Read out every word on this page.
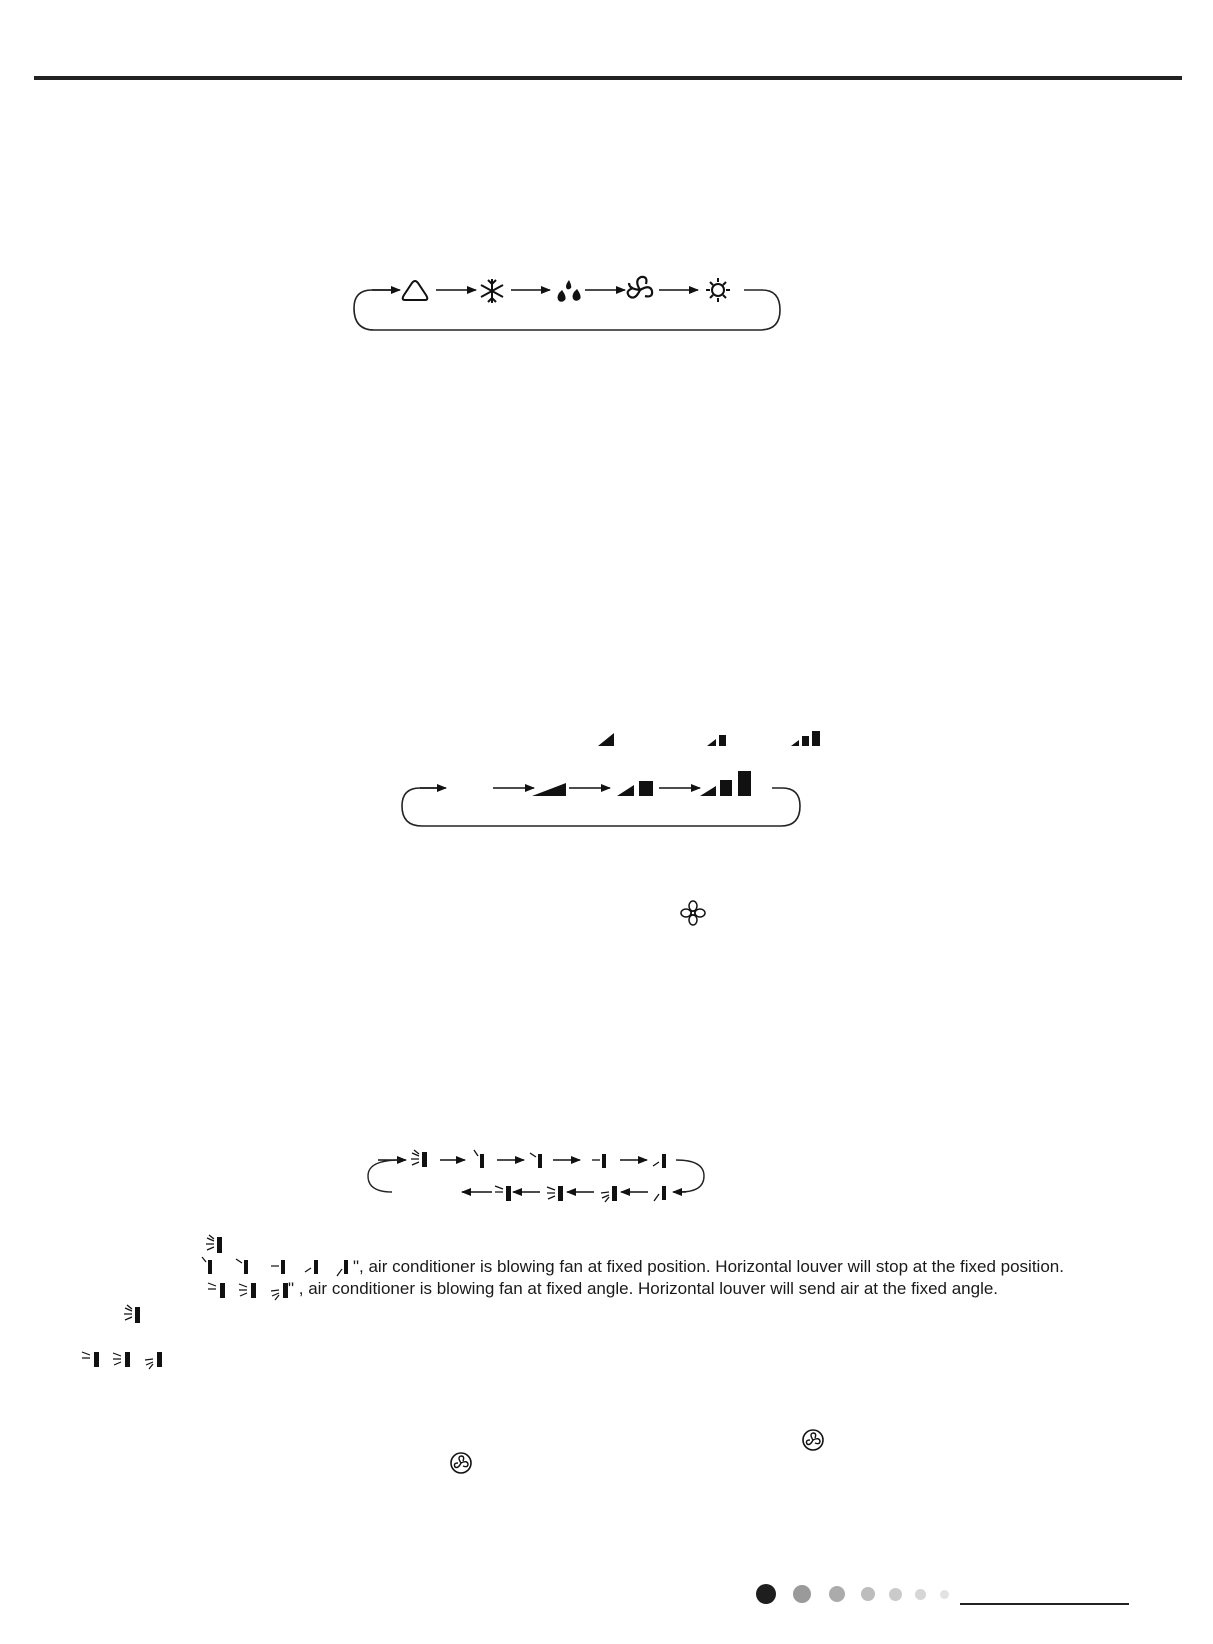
", air conditioner is blowing fan at fixed position. Horizontal louver will stop at the fixed position.
" , air conditioner is blowing fan at fixed angle. Horizontal louver will send air at the fixed angle.
